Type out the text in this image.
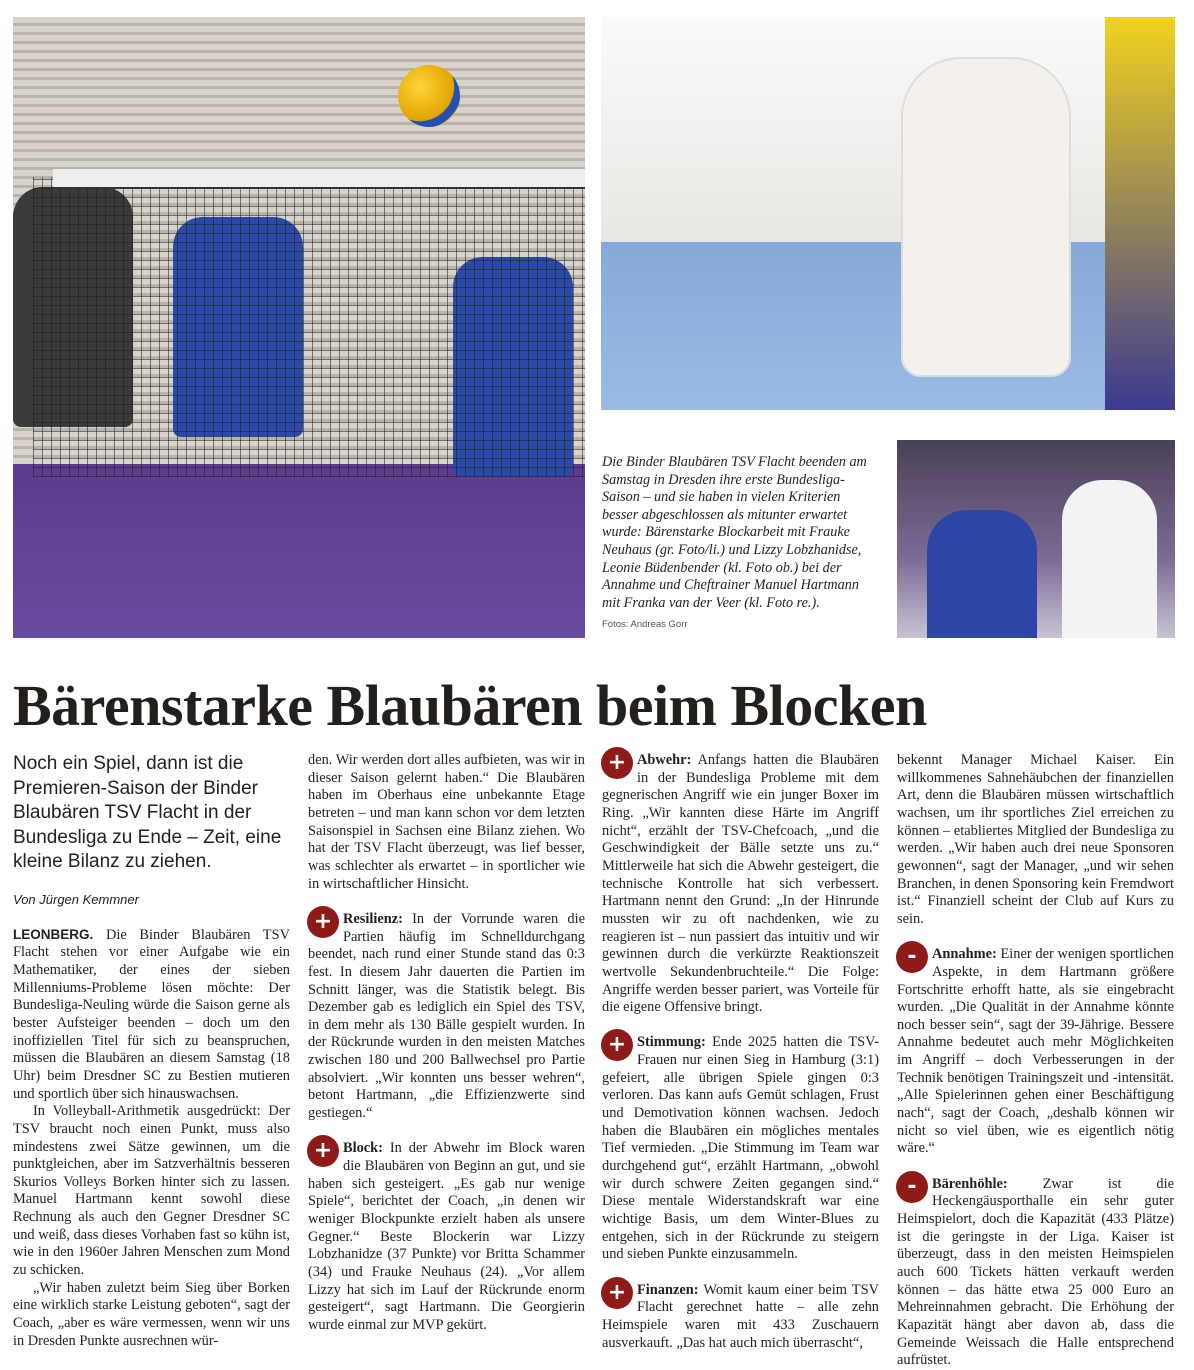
Die Binder Blaubären TSV Flacht beenden am Samstag in Dresden ihre erste Bundesliga-Saison – und sie haben in vielen Kriterien besser abgeschlossen als mitunter erwartet wurde: Bärenstarke Blockarbeit mit Frauke Neuhaus (gr. Foto/li.) und Lizzy Lobzhanidse, Leonie Büdenbender (kl. Foto ob.) bei der Annahme und Cheftrainer Manuel Hartmann mit Franka van der Veer (kl. Foto re.).
Fotos: Andreas Gorr
Bärenstarke Blaubären beim Blocken

Noch ein Spiel, dann ist die Premieren-Saison der Binder Blaubären TSV Flacht in der Bundesliga zu Ende – Zeit, eine kleine Bilanz zu ziehen.

Von Jürgen Kemmner

LEONBERG. Die Binder Blaubären TSV Flacht stehen vor einer Aufgabe wie ein Mathematiker, der eines der sieben Millenniums-Probleme lösen möchte: Der Bundesliga-Neuling würde die Saison gerne als bester Aufsteiger beenden – doch um den inoffiziellen Titel für sich zu beanspruchen, müssen die Blaubären an diesem Samstag (18 Uhr) beim Dresdner SC zu Bestien mutieren und sportlich über sich hinauswachsen.

In Volleyball-Arithmetik ausgedrückt: Der TSV braucht noch einen Punkt, muss also mindestens zwei Sätze gewinnen, um die punktgleichen, aber im Satzverhältnis besseren Skurios Volleys Borken hinter sich zu lassen. Manuel Hartmann kennt sowohl diese Rechnung als auch den Gegner Dresdner SC und weiß, dass dieses Vorhaben fast so kühn ist, wie in den 1960er Jahren Menschen zum Mond zu schicken.

„Wir haben zuletzt beim Sieg über Borken eine wirklich starke Leistung geboten“, sagt der Coach, „aber es wäre vermessen, wenn wir uns in Dresden Punkte ausrechnen wür-

den. Wir werden dort alles aufbieten, was wir in dieser Saison gelernt haben.“ Die Blaubären haben im Oberhaus eine unbekannte Etage betreten – und man kann schon vor dem letzten Saisonspiel in Sachsen eine Bilanz ziehen. Wo hat der TSV Flacht überzeugt, was lief besser, was schlechter als erwartet – in sportlicher wie in wirtschaftlicher Hinsicht.

+ Resilienz: In der Vorrunde waren die Partien häufig im Schnelldurchgang beendet, nach rund einer Stunde stand das 0:3 fest. In diesem Jahr dauerten die Partien im Schnitt länger, was die Statistik belegt. Bis Dezember gab es lediglich ein Spiel des TSV, in dem mehr als 130 Bälle gespielt wurden. In der Rückrunde wurden in den meisten Matches zwischen 180 und 200 Ballwechsel pro Partie absolviert. „Wir konnten uns besser wehren“, betont Hartmann, „die Effizienzwerte sind gestiegen.“
+ Block: In der Abwehr im Block waren die Blaubären von Beginn an gut, und sie haben sich gesteigert. „Es gab nur wenige Spiele“, berichtet der Coach, „in denen wir weniger Blockpunkte erzielt haben als unsere Gegner.“ Beste Blockerin war Lizzy Lobzhanidze (37 Punkte) vor Britta Schammer (34) und Frauke Neuhaus (24). „Vor allem Lizzy hat sich im Lauf der Rückrunde enorm gesteigert“, sagt Hartmann. Die Georgierin wurde einmal zur MVP gekürt.
+ Abwehr: Anfangs hatten die Blaubären in der Bundesliga Probleme mit dem gegnerischen Angriff wie ein junger Boxer im Ring. „Wir kannten diese Härte im Angriff nicht“, erzählt der TSV-Chefcoach, „und die Geschwindigkeit der Bälle setzte uns zu.“ Mittlerweile hat sich die Abwehr gesteigert, die technische Kontrolle hat sich verbessert. Hartmann nennt den Grund: „In der Hinrunde mussten wir zu oft nachdenken, wie zu reagieren ist – nun passiert das intuitiv und wir gewinnen durch die verkürzte Reaktionszeit wertvolle Sekundenbruchteile.“ Die Folge: Angriffe werden besser pariert, was Vorteile für die eigene Offensive bringt.
+ Stimmung: Ende 2025 hatten die TSV-Frauen nur einen Sieg in Hamburg (3:1) gefeiert, alle übrigen Spiele gingen 0:3 verloren. Das kann aufs Gemüt schlagen, Frust und Demotivation können wachsen. Jedoch haben die Blaubären ein mögliches mentales Tief vermieden. „Die Stimmung im Team war durchgehend gut“, erzählt Hartmann, „obwohl wir durch schwere Zeiten gegangen sind.“ Diese mentale Widerstandskraft war eine wichtige Basis, um dem Winter-Blues zu entgehen, sich in der Rückrunde zu steigern und sieben Punkte einzusammeln.
+ Finanzen: Womit kaum einer beim TSV Flacht gerechnet hatte – alle zehn Heimspiele waren mit 433 Zuschauern ausverkauft. „Das hat auch mich überrascht“,

bekennt Manager Michael Kaiser. Ein willkommenes Sahnehäubchen der finanziellen Art, denn die Blaubären müssen wirtschaftlich wachsen, um ihr sportliches Ziel erreichen zu können – etabliertes Mitglied der Bundesliga zu werden. „Wir haben auch drei neue Sponsoren gewonnen“, sagt der Manager, „und wir sehen Branchen, in denen Sponsoring kein Fremdwort ist.“ Finanziell scheint der Club auf Kurs zu sein.

-	Annahme: Einer der wenigen sportlichen Aspekte, in dem Hartmann größere Fortschritte erhofft hatte, als sie eingebracht wurden. „Die Qualität in der Annahme könnte noch besser sein“, sagt der 39-Jährige. Bessere Annahme bedeutet auch mehr Möglichkeiten im Angriff – doch Verbesserungen in der Technik benötigen Trainingszeit und -intensität. „Alle Spielerinnen gehen einer Beschäftigung nach“, sagt der Coach, „deshalb können wir nicht so viel üben, wie es eigentlich nötig wäre.“
-	Bärenhöhle: Zwar ist die Heckengäusporthalle ein sehr guter Heimspielort, doch die Kapazität (433 Plätze) ist die geringste in der Liga. Kaiser ist überzeugt, dass in den meisten Heimspielen auch 600 Tickets hätten verkauft werden können – das hätte etwa 25 000 Euro an Mehreinnahmen gebracht. Die Erhöhung der Kapazität hängt aber davon ab, dass die Gemeinde Weissach die Halle entsprechend aufrüstet.
